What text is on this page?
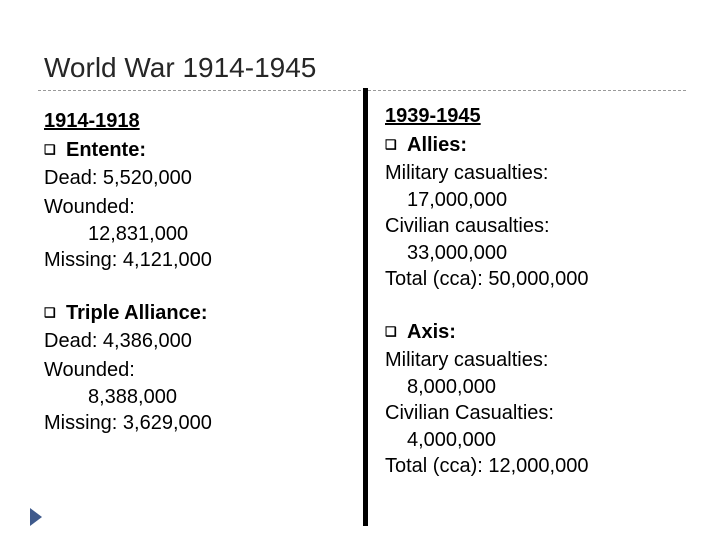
World War 1914-1945
1914-1918
❑ Entente:
Dead: 5,520,000
Wounded:
12,831,000
Missing: 4,121,000
❑ Triple Alliance:
Dead: 4,386,000
Wounded:
8,388,000
Missing: 3,629,000
1939-1945
❑ Allies:
Military casualties:
17,000,000
Civilian causalties:
33,000,000
Total (cca): 50,000,000
❑ Axis:
Military casualties:
8,000,000
Civilian Casualties:
4,000,000
Total (cca): 12,000,000
